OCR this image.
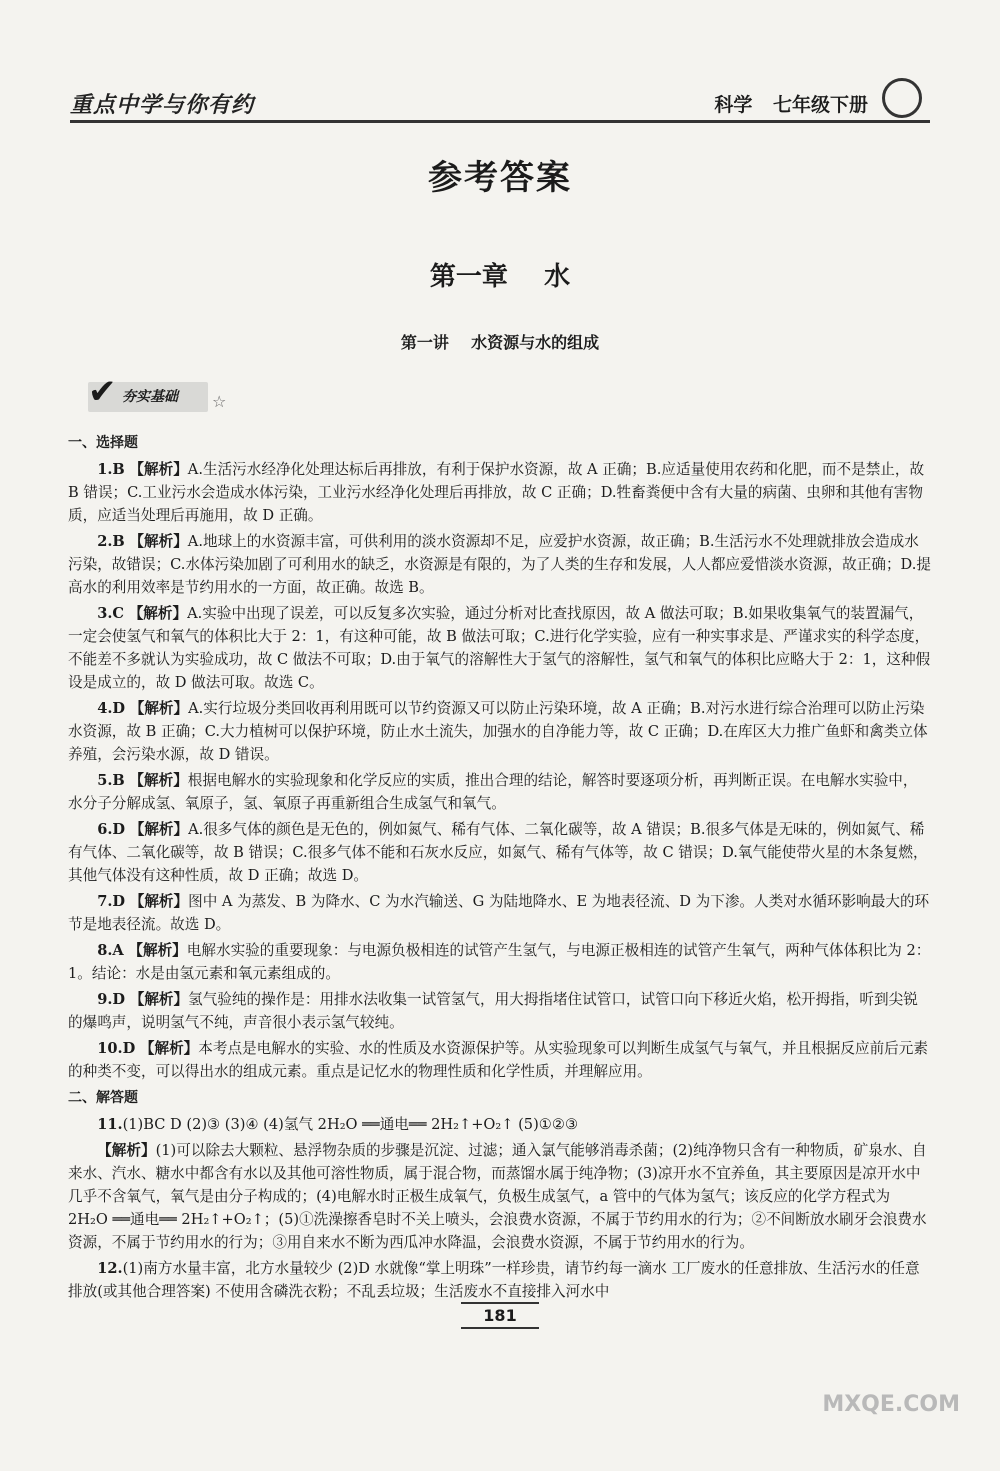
重点中学与你有约	科学 七年级下册
参考答案
第一章    水
第一讲    水资源与水的组成
✔ 夯实基础 ☆

一、选择题

1.B 【解析】A.生活污水经净化处理达标后再排放，有利于保护水资源，故 A 正确；B.应适量使用农药和化肥，而不是禁止，故 B 错误；C.工业污水会造成水体污染，工业污水经净化处理后再排放，故 C 正确；D.牲畜粪便中含有大量的病菌、虫卵和其他有害物质，应适当处理后再施用，故 D 正确。

2.B 【解析】A.地球上的水资源丰富，可供利用的淡水资源却不足，应爱护水资源，故正确；B.生活污水不处理就排放会造成水污染，故错误；C.水体污染加剧了可利用水的缺乏，水资源是有限的，为了人类的生存和发展，人人都应爱惜淡水资源，故正确；D.提高水的利用效率是节约用水的一方面，故正确。故选 B。

3.C 【解析】A.实验中出现了误差，可以反复多次实验，通过分析对比查找原因，故 A 做法可取；B.如果收集氧气的装置漏气，一定会使氢气和氧气的体积比大于 2：1，有这种可能，故 B 做法可取；C.进行化学实验，应有一种实事求是、严谨求实的科学态度，不能差不多就认为实验成功，故 C 做法不可取；D.由于氧气的溶解性大于氢气的溶解性，氢气和氧气的体积比应略大于 2：1，这种假设是成立的，故 D 做法可取。故选 C。

4.D 【解析】A.实行垃圾分类回收再利用既可以节约资源又可以防止污染环境，故 A 正确；B.对污水进行综合治理可以防止污染水资源，故 B 正确；C.大力植树可以保护环境，防止水土流失，加强水的自净能力等，故 C 正确；D.在库区大力推广鱼虾和禽类立体养殖，会污染水源，故 D 错误。

5.B 【解析】根据电解水的实验现象和化学反应的实质，推出合理的结论，解答时要逐项分析，再判断正误。在电解水实验中，水分子分解成氢、氧原子，氢、氧原子再重新组合生成氢气和氧气。

6.D 【解析】A.很多气体的颜色是无色的，例如氮气、稀有气体、二氧化碳等，故 A 错误；B.很多气体是无味的，例如氮气、稀有气体、二氧化碳等，故 B 错误；C.很多气体不能和石灰水反应，如氮气、稀有气体等，故 C 错误；D.氧气能使带火星的木条复燃，其他气体没有这种性质，故 D 正确；故选 D。

7.D 【解析】图中 A 为蒸发、B 为降水、C 为水汽输送、G 为陆地降水、E 为地表径流、D 为下渗。人类对水循环影响最大的环节是地表径流。故选 D。

8.A 【解析】电解水实验的重要现象：与电源负极相连的试管产生氢气，与电源正极相连的试管产生氧气，两种气体体积比为 2：1。结论：水是由氢元素和氧元素组成的。

9.D 【解析】氢气验纯的操作是：用排水法收集一试管氢气，用大拇指堵住试管口，试管口向下移近火焰，松开拇指，听到尖锐的爆鸣声，说明氢气不纯，声音很小表示氢气较纯。

10.D 【解析】本考点是电解水的实验、水的性质及水资源保护等。从实验现象可以判断生成氢气与氧气，并且根据反应前后元素的种类不变，可以得出水的组成元素。重点是记忆水的物理性质和化学性质，并理解应用。

二、解答题

11.(1)BC D (2)③ (3)④ (4)氢气 2H₂O ══通电══ 2H₂↑+O₂↑ (5)①②③

【解析】(1)可以除去大颗粒、悬浮物杂质的步骤是沉淀、过滤；通入氯气能够消毒杀菌；(2)纯净物只含有一种物质，矿泉水、自来水、汽水、糖水中都含有水以及其他可溶性物质，属于混合物，而蒸馏水属于纯净物；(3)凉开水不宜养鱼，其主要原因是凉开水中几乎不含氧气，氧气是由分子构成的；(4)电解水时正极生成氧气，负极生成氢气，a 管中的气体为氢气；该反应的化学方程式为 2H₂O ══通电══ 2H₂↑+O₂↑；(5)①洗澡擦香皂时不关上喷头，会浪费水资源，不属于节约用水的行为；②不间断放水刷牙会浪费水资源，不属于节约用水的行为；③用自来水不断为西瓜冲水降温，会浪费水资源，不属于节约用水的行为。

12.(1)南方水量丰富，北方水量较少 (2)D 水就像“掌上明珠”一样珍贵，请节约每一滴水 工厂废水的任意排放、生活污水的任意排放(或其他合理答案) 不使用含磷洗衣粉；不乱丢垃圾；生活废水不直接排入河水中

181
MXQE.COM
